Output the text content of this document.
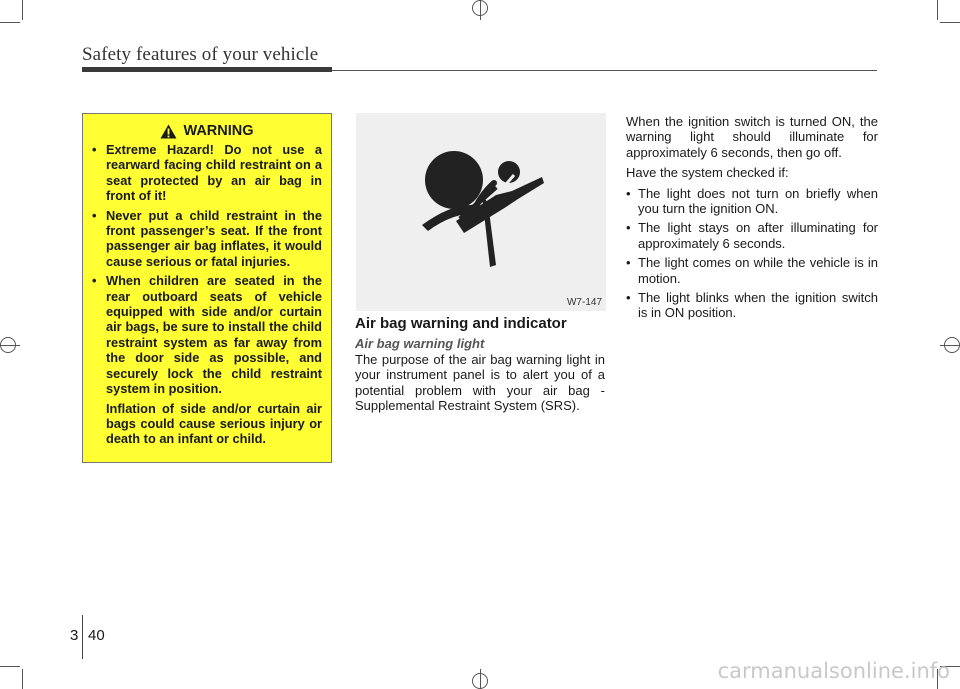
Safety features of your vehicle
WARNING
• Extreme Hazard! Do not use a rearward facing child restraint on a seat protected by an air bag in front of it!
• Never put a child restraint in the front passenger’s seat. If the front passenger air bag inflates, it would cause serious or fatal injuries.
• When children are seated in the rear outboard seats of vehicle equipped with side and/or curtain air bags, be sure to install the child restraint system as far away from the door side as possible, and securely lock the child restraint system in position.
Inflation of side and/or curtain air bags could cause serious injury or death to an infant or child.
W7-147
Air bag warning and indicator
Air bag warning light
The purpose of the air bag warning light in your instrument panel is to alert you of a potential problem with your air bag - Supplemental Restraint System (SRS).

When the ignition switch is turned ON, the warning light should illuminate for approximately 6 seconds, then go off.

Have the system checked if:

• The light does not turn on briefly when you turn the ignition ON.
• The light stays on after illuminating for approximately 6 seconds.
• The light comes on while the vehicle is in motion.
• The light blinks when the ignition switch is in ON position.
3 40
carmanualsonline.info
